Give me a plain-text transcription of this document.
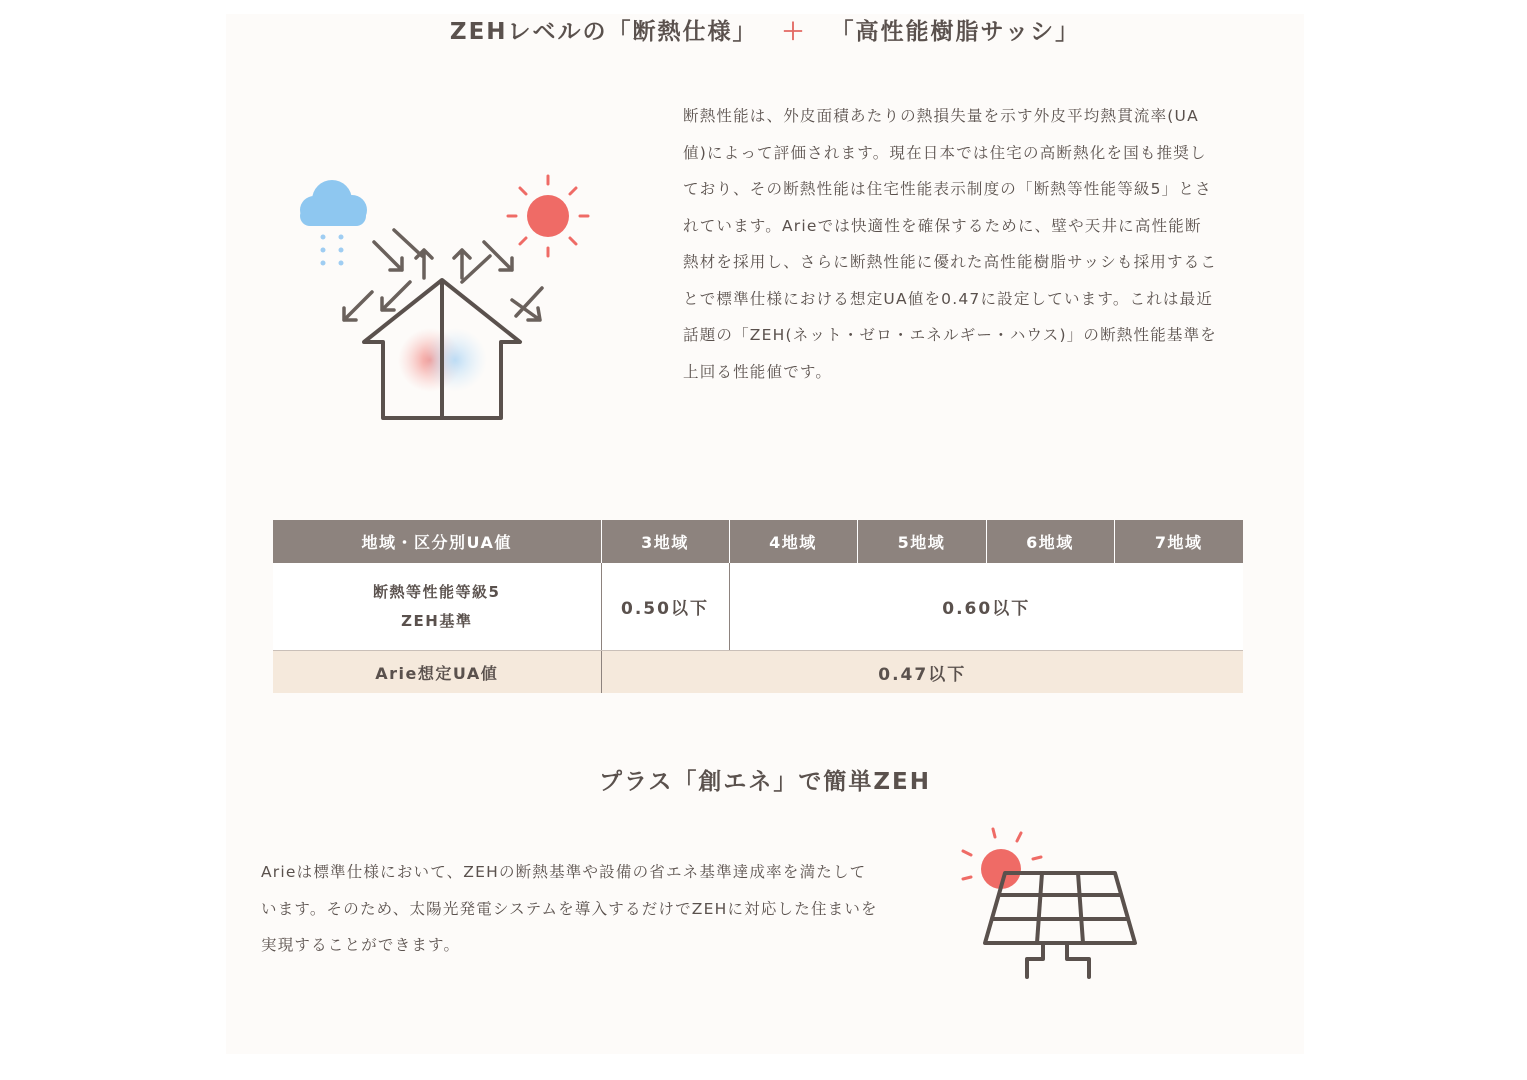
ZEHレベルの「断熱仕様」 ＋ 「高性能樹脂サッシ」

断熱性能は、外皮面積あたりの熱損失量を示す外皮平均熱貫流率(UA値)によって評価されます。現在日本では住宅の高断熱化を国も推奨しており、その断熱性能は住宅性能表示制度の「断熱等性能等級5」とされています。Arieでは快適性を確保するために、壁や天井に高性能断熱材を採用し、さらに断熱性能に優れた高性能樹脂サッシも採用することで標準仕様における想定UA値を0.47に設定しています。これは最近話題の「ZEH(ネット・ゼロ・エネルギー・ハウス)」の断熱性能基準を上回る性能値です。

地域・区分別UA値	3地域	4地域	5地域	6地域	7地域

断熱等性能等級5
ZEH基準	0.50以下	0.60以下			
Arie想定UA値	0.47以下				
プラス「創エネ」で簡単ZEH

Arieは標準仕様において、ZEHの断熱基準や設備の省エネ基準達成率を満たしています。そのため、太陽光発電システムを導入するだけでZEHに対応した住まいを実現することができます。
